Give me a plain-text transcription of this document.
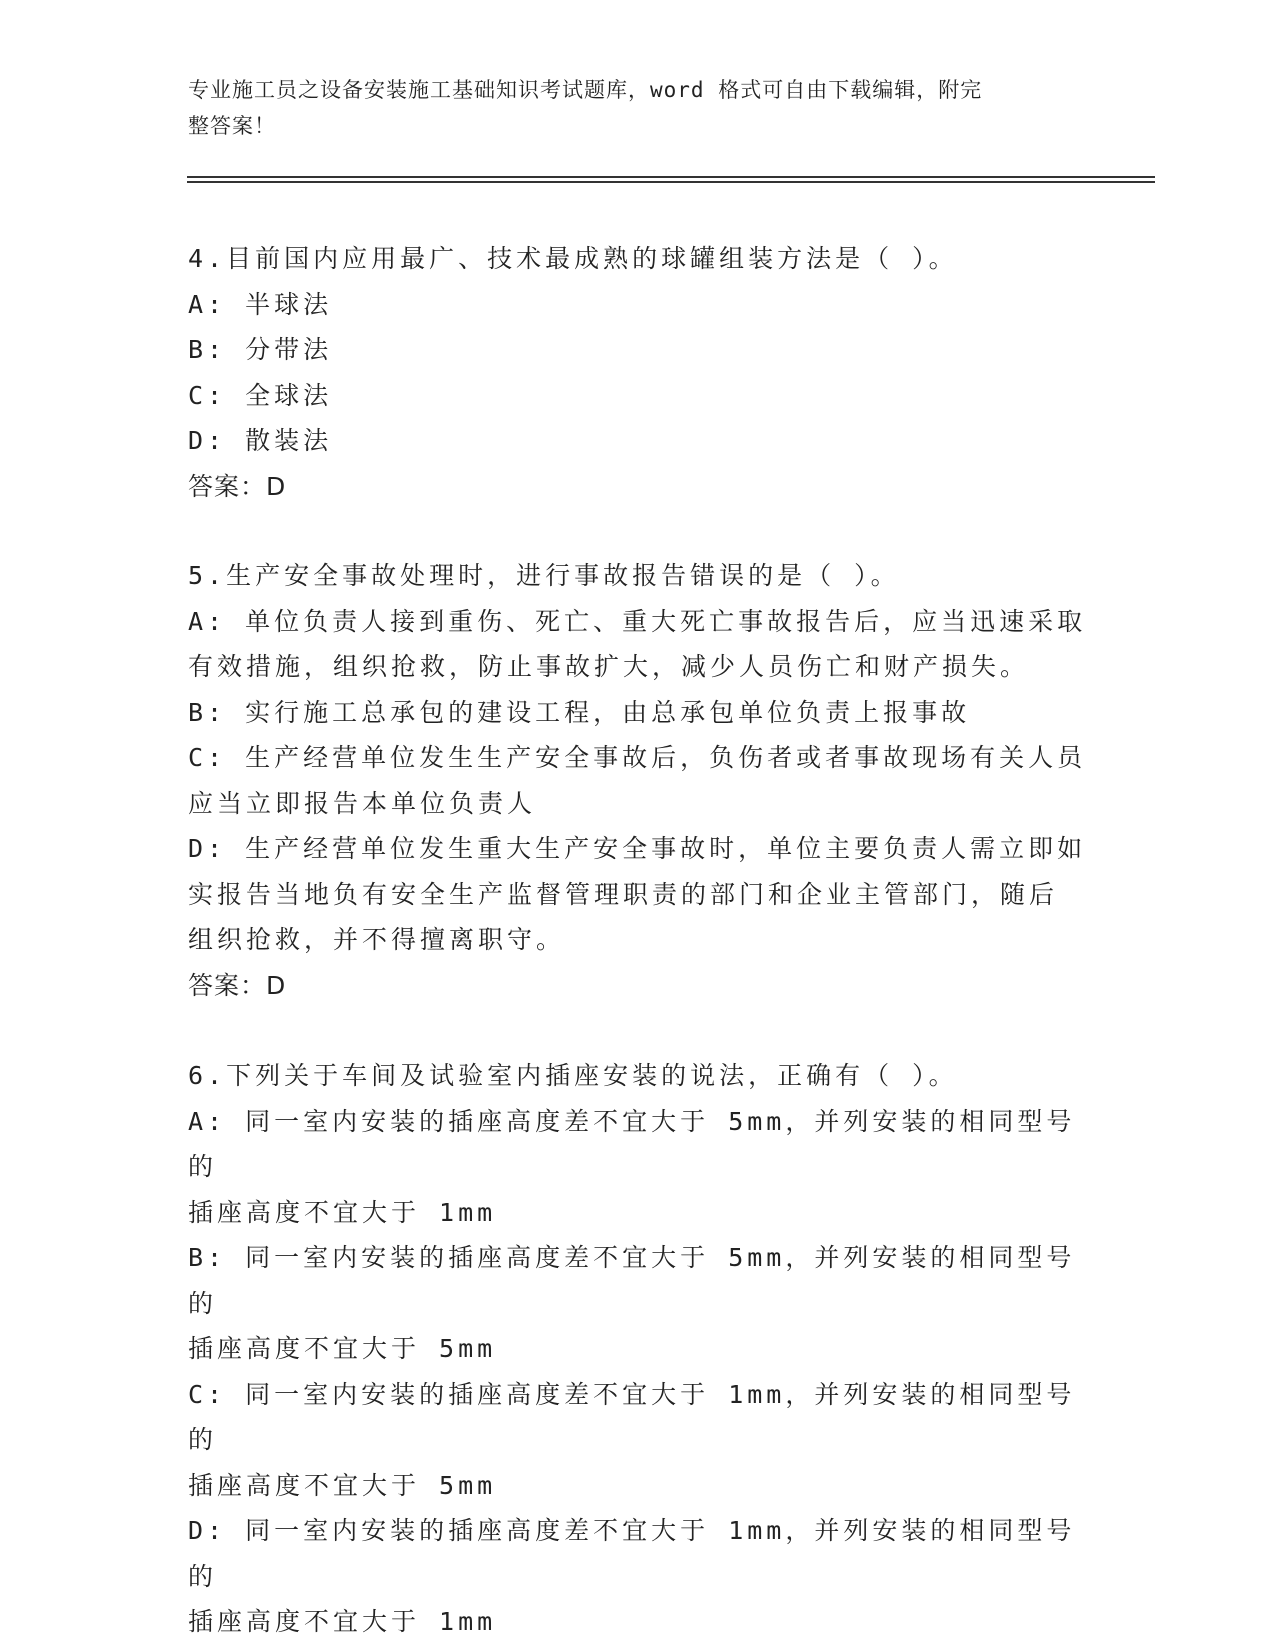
专业施工员之设备安装施工基础知识考试题库，word 格式可自由下载编辑，附完
整答案！

4.目前国内应用最广、技术最成熟的球罐组装方法是（ ）。

A: 半球法

B: 分带法

C: 全球法

D: 散装法

答案：D

5.生产安全事故处理时，进行事故报告错误的是（ ）。

A: 单位负责人接到重伤、死亡、重大死亡事故报告后，应当迅速采取

有效措施，组织抢救，防止事故扩大，减少人员伤亡和财产损失。

B: 实行施工总承包的建设工程，由总承包单位负责上报事故

C: 生产经营单位发生生产安全事故后，负伤者或者事故现场有关人员

应当立即报告本单位负责人

D: 生产经营单位发生重大生产安全事故时，单位主要负责人需立即如

实报告当地负有安全生产监督管理职责的部门和企业主管部门，随后

组织抢救，并不得擅离职守。

答案：D

6.下列关于车间及试验室内插座安装的说法，正确有（ ）。

A: 同一室内安装的插座高度差不宜大于 5mm，并列安装的相同型号的

插座高度不宜大于 1mm

B: 同一室内安装的插座高度差不宜大于 5mm，并列安装的相同型号的

插座高度不宜大于 5mm

C: 同一室内安装的插座高度差不宜大于 1mm，并列安装的相同型号的

插座高度不宜大于 5mm

D: 同一室内安装的插座高度差不宜大于 1mm，并列安装的相同型号的

插座高度不宜大于 1mm
